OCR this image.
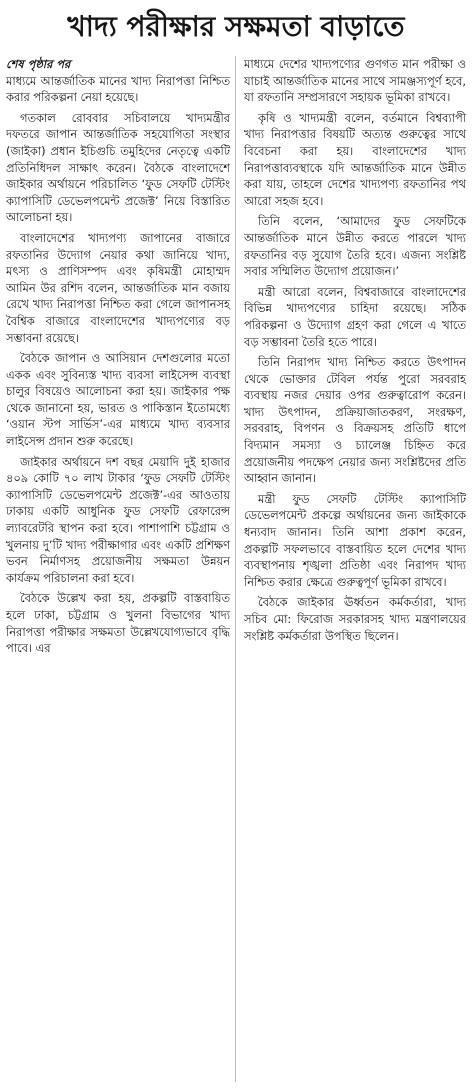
খাদ্য পরীক্ষার সক্ষমতা বাড়াতে
শেষ পৃষ্ঠার পর

মাধ্যমে আন্তর্জাতিক মানের খাদ্য নিরাপত্তা নিশ্চিত করার পরিকল্পনা নেয়া হয়েছে।

গতকাল রোববার সচিবালয়ে খাদ্যমন্ত্রীর দফতরে জাপান আন্তর্জাতিক সহযোগিতা সংস্থার (জাইকা) প্রধান ইচিগুচি তমুহিদের নেতৃত্বে একটি প্রতিনিধিদল সাক্ষাৎ করেন। বৈঠকে বাংলাদেশে জাইকার অর্থায়নে পরিচালিত ‘ফুড সেফটি টেস্টিং ক্যাপাসিটি ডেভেলপমেন্ট প্রজেক্ট’ নিয়ে বিস্তারিত আলোচনা হয়।

বাংলাদেশের খাদ্যপণ্য জাপানের বাজারে রফতানির উদ্যোগ নেয়ার কথা জানিয়ে খাদ্য, মৎস্য ও প্রাণিসম্পদ এবং কৃষিমন্ত্রী মোহাম্মদ আমিন উর রশিদ বলেন, আন্তর্জাতিক মান বজায় রেখে খাদ্য নিরাপত্তা নিশ্চিত করা গেলে জাপানসহ বৈশ্বিক বাজারে বাংলাদেশের খাদ্যপণ্যের বড় সম্ভাবনা রয়েছে।

বৈঠকে জাপান ও আসিয়ান দেশগুলোর মতো একক এবং সুবিন্যস্ত খাদ্য ব্যবসা লাইসেন্স ব্যবস্থা চালুর বিষয়েও আলোচনা করা হয়। জাইকার পক্ষ থেকে জানানো হয়, ভারত ও পাকিস্তান ইতোমধ্যে ‘ওয়ান স্টপ সার্ভিস’-এর মাধ্যমে খাদ্য ব্যবসার লাইসেন্স প্রদান শুরু করেছে।

জাইকার অর্থায়নে দশ বছর মেয়াদি দুই হাজার ৪০৯ কোটি ৭০ লাখ টাকার ‘ফুড সেফটি টেস্টিং ক্যাপাসিটি ডেভেলপমেন্ট প্রজেক্ট’-এর আওতায় ঢাকায় একটি আধুনিক ফুড সেফটি রেফারেন্স ল্যাবরেটরি স্থাপন করা হবে। পাশাপাশি চট্টগ্রাম ও খুলনায় দু’টি খাদ্য পরীক্ষাগার এবং একটি প্রশিক্ষণ ভবন নির্মাণসহ প্রয়োজনীয় সক্ষমতা উন্নয়ন কার্যক্রম পরিচালনা করা হবে।

বৈঠকে উল্লেখ করা হয়, প্রকল্পটি বাস্তবায়িত হলে ঢাকা, চট্টগ্রাম ও খুলনা বিভাগের খাদ্য নিরাপত্তা পরীক্ষার সক্ষমতা উল্লেখযোগ্যভাবে বৃদ্ধি পাবে। এর

মাধ্যমে দেশের খাদ্যপণ্যের গুণগত মান পরীক্ষা ও যাচাই আন্তর্জাতিক মানের সাথে সামঞ্জস্যপূর্ণ হবে, যা রফতানি সম্প্রসারণে সহায়ক ভূমিকা রাখবে।

কৃষি ও খাদ্যমন্ত্রী বলেন, বর্তমানে বিশ্বব্যাপী খাদ্য নিরাপত্তার বিষয়টি অত্যন্ত গুরুত্বের সাথে বিবেচনা করা হয়। বাংলাদেশের খাদ্য নিরাপত্তাব্যবস্থাকে যদি আন্তর্জাতিক মানে উন্নীত করা যায়, তাহলে দেশের খাদ্যপণ্য রফতানির পথ আরো সহজ হবে।

তিনি বলেন, ‘আমাদের ফুড সেফটিকে আন্তর্জাতিক মানে উন্নীত করতে পারলে খাদ্য রফতানির বড় সুযোগ তৈরি হবে। এজন্য সংশ্লিষ্ট সবার সম্মিলিত উদ্যোগ প্রয়োজন।’

মন্ত্রী আরো বলেন, বিশ্ববাজারে বাংলাদেশের বিভিন্ন খাদ্যপণ্যের চাহিদা রয়েছে। সঠিক পরিকল্পনা ও উদ্যোগ গ্রহণ করা গেলে এ খাতে বড় সম্ভাবনা তৈরি হতে পারে।

তিনি নিরাপদ খাদ্য নিশ্চিত করতে উৎপাদন থেকে ভোক্তার টেবিল পর্যন্ত পুরো সরবরাহ ব্যবস্থায় নজর দেয়ার ওপর গুরুত্বারোপ করেন। খাদ্য উৎপাদন, প্রক্রিয়াজাতকরণ, সংরক্ষণ, সরবরাহ, বিপণন ও বিক্রয়সহ প্রতিটি ধাপে বিদ্যমান সমস্যা ও চ্যালেঞ্জ চিহ্নিত করে প্রয়োজনীয় পদক্ষেপ নেয়ার জন্য সংশ্লিষ্টদের প্রতি আহ্বান জানান।

মন্ত্রী ফুড সেফটি টেস্টিং ক্যাপাসিটি ডেভেলপমেন্ট প্রকল্পে অর্থায়নের জন্য জাইকাকে ধন্যবাদ জানান। তিনি আশা প্রকাশ করেন, প্রকল্পটি সফলভাবে বাস্তবায়িত হলে দেশের খাদ্য ব্যবস্থাপনায় শৃঙ্খলা প্রতিষ্ঠা এবং নিরাপদ খাদ্য নিশ্চিত করার ক্ষেত্রে গুরুত্বপূর্ণ ভূমিকা রাখবে।

বৈঠকে জাইকার ঊর্ধ্বতন কর্মকর্তারা, খাদ্য সচিব মো: ফিরোজ সরকারসহ খাদ্য মন্ত্রণালয়ের সংশ্লিষ্ট কর্মকর্তারা উপস্থিত ছিলেন।
